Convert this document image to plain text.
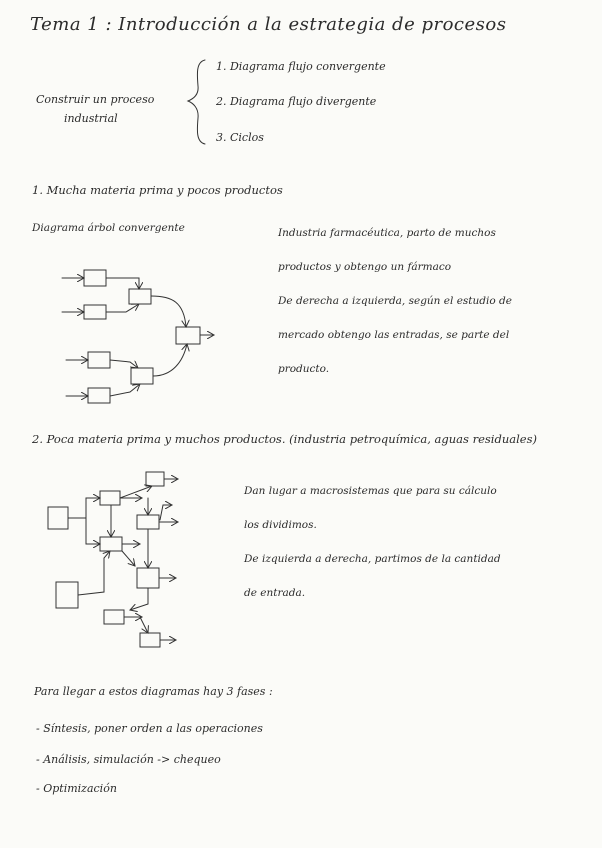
Tema 1 : Introducción a la estrategia de procesos
Construir un proceso
industrial
1. Diagrama flujo convergente
2. Diagrama flujo divergente
3. Ciclos
1. Mucha materia prima y pocos productos
Diagrama árbol convergente	Industria farmacéutica, parto de muchos
productos y obtengo un fármaco
De derecha a izquierda, según el estudio de
mercado obtengo las entradas, se parte del
producto.
2. Poca materia prima y muchos productos. (industria petroquímica, aguas residuales)
Dan lugar a macrosistemas que para su cálculo
los dividimos.
De izquierda a derecha, partimos de la cantidad
de entrada.
Para llegar a estos diagramas hay 3 fases :
- Síntesis, poner orden a las operaciones
- Análisis, simulación -> chequeo
- Optimización
